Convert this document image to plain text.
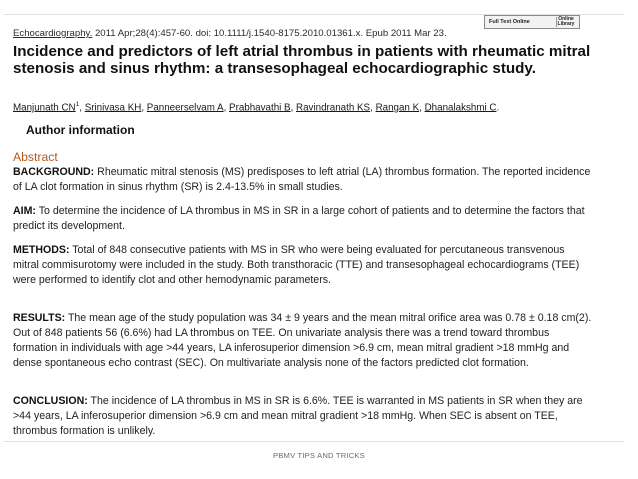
Full Text Online	Online Library
Echocardiography. 2011 Apr;28(4):457-60. doi: 10.1111/j.1540-8175.2010.01361.x. Epub 2011 Mar 23.
Incidence and predictors of left atrial thrombus in patients with rheumatic mitral stenosis and sinus rhythm: a transesophageal echocardiographic study.
Manjunath $CN^1$, Srinivasa KH, Panneerselvam A, Prabhavathi B, Ravindranath KS, Rangan K, Dhanalakshmi C.
Author information
Abstract

BACKGROUND: Rheumatic mitral stenosis (MS) predisposes to left atrial (LA) thrombus formation. The reported incidence of LA clot formation in sinus rhythm (SR) is 2.4-13.5% in small studies.

AIM: To determine the incidence of LA thrombus in MS in SR in a large cohort of patients and to determine the factors that predict its development.

METHODS: Total of 848 consecutive patients with MS in SR who were being evaluated for percutaneous transvenous mitral commisurotomy were included in the study. Both transthoracic (TTE) and transesophageal echocardiograms (TEE) were performed to identify clot and other hemodynamic parameters.

RESULTS: The mean age of the study population was 34 ± 9 years and the mean mitral orifice area was 0.78 ± 0.18 cm(2). Out of 848 patients 56 (6.6%) had LA thrombus on TEE. On univariate analysis there was a trend toward thrombus formation in individuals with age >44 years, LA inferosuperior dimension >6.9 cm, mean mitral gradient >18 mmHg and dense spontaneous echo contrast (SEC). On multivariate analysis none of the factors predicted clot formation.

CONCLUSION: The incidence of LA thrombus in MS in SR is 6.6%. TEE is warranted in MS patients in SR when they are >44 years, LA inferosuperior dimension >6.9 cm and mean mitral gradient >18 mmHg. When SEC is absent on TEE, thrombus formation is unlikely.

PBMV TIPS AND TRICKS
